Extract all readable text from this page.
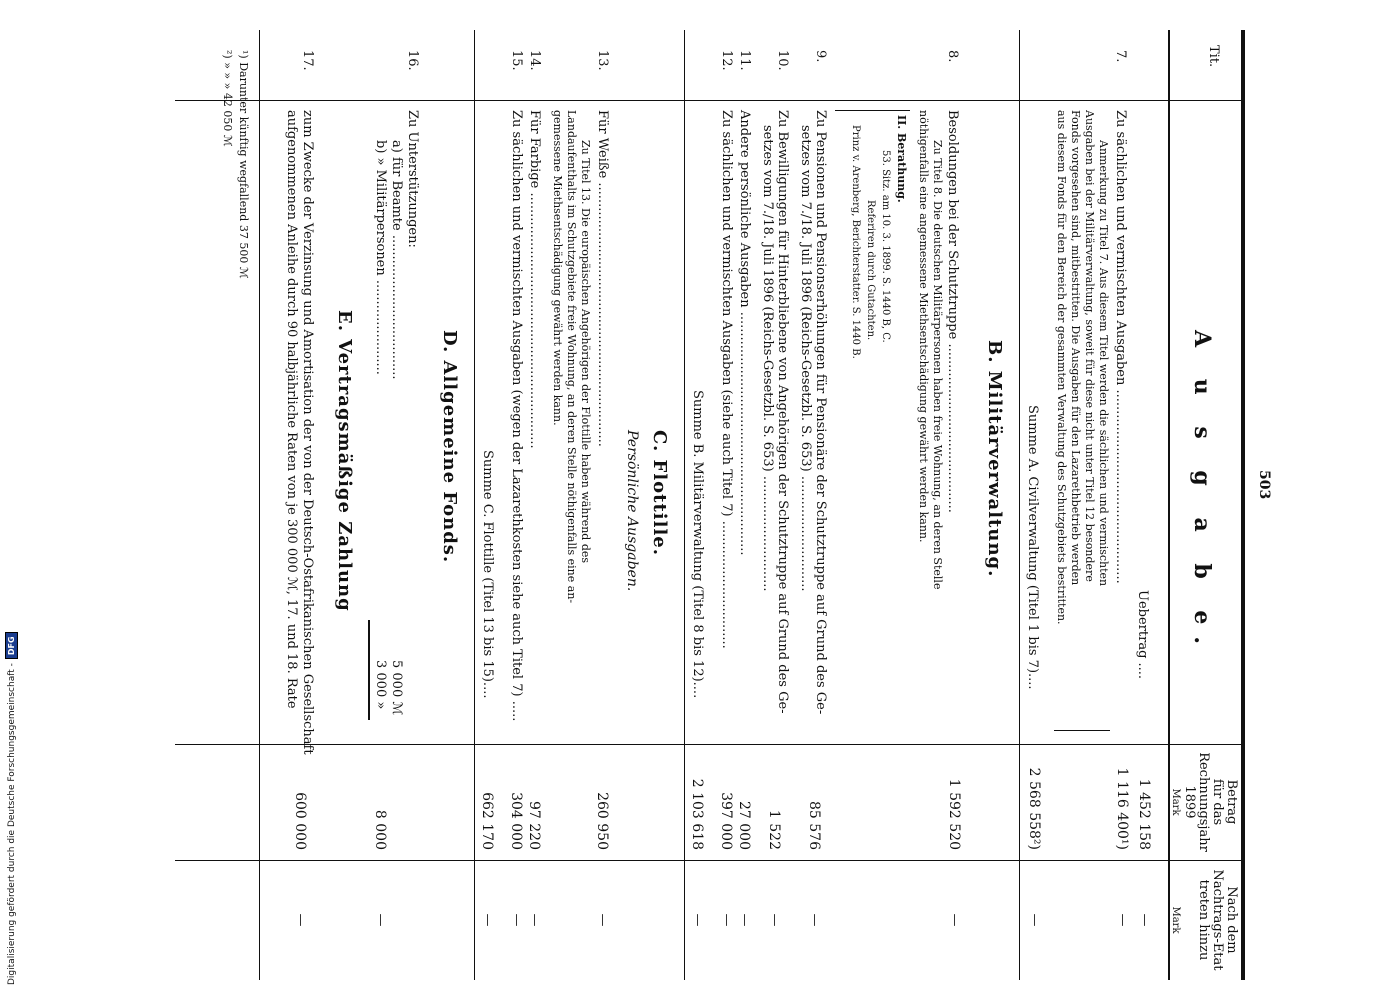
503
Tit.
A u s g a b e.
Betrag
für das
Rechnungsjahr
1899
Mark
Nach dem
Nachtrags-Etat
treten hinzu
Mark
Uebertrag ....
1 452 158
—
7.
Zu sächlichen und vermischten Ausgaben ...............................................
1 116 400¹)
—
Anmerkung zu Titel 7. Aus diesem Titel werden die sächlichen und vermischten
Ausgaben bei der Militärverwaltung, soweit für diese nicht unter Titel 12 besondere
Fonds vorgesehen sind, mitbestritten. Die Ausgaben für den Lazarethbetrieb werden
aus diesem Fonds für den Bereich der gesammten Verwaltung des Schutzgebiets bestritten.
Summe A. Civilverwaltung (Titel 1 bis 7)....
2 568 558²)
—
B. Militärverwaltung.
8.
Besoldungen bei der Schutztruppe .........................................
1 592 520
—
Zu Titel 8. Die deutschen Militärpersonen haben freie Wohnung, an deren Stelle
nöthigenfalls eine angemessene Miethsentschädigung gewährt werden kann.
II. Berathung.
53. Sitz. am 10. 3. 1899. S. 1440 B, C.
Referiren durch Gutachten.
Prinz v. Arenberg, Berichterstatter. S. 1440 B.
9.
Zu Pensionen und Pensionserhöhungen für Pensionäre der Schutztruppe auf Grund des Ge-
85 576
—
setzes vom 7./18. Juli 1896 (Reichs-Gesetzbl. S. 653) ............................
10.
Zu Bewilligungen für Hinterbliebene von Angehörigen der Schutztruppe auf Grund des Ge-
1 522
—
setzes vom 7./18. Juli 1896 (Reichs-Gesetzbl. S. 653) ............................
11.
Andere persönliche Ausgaben ...........................................................
27 000
—
12.
Zu sächlichen und vermischten Ausgaben (siehe auch Titel 7) ...............................
397 000
—
Summe B. Militärverwaltung (Titel 8 bis 12)....
2 103 618
—
C. Flottille.
Persönliche Ausgaben.
13.
Für Weiße ................................................................
260 950
—
Zu Titel 13. Die europäischen Angehörigen der Flottille haben während des
Landaufenthalts im Schutzgebiete freie Wohnung, an deren Stelle nöthigenfalls eine an-
gemessene Miethsentschädigung gewährt werden kann.
14.
Für Farbige ..............................................................
97 220
—
15.
Zu sächlichen und vermischten Ausgaben (wegen der Lazarethkosten siehe auch Titel 7) .....
304 000
—
Summe C. Flottille (Titel 13 bis 15)....
662 170
—
D. Allgemeine Fonds.
16.
Zu Unterstützungen:
a) für Beamte ...................................
5 000 ℳ
b) » Militärpersonen .......................
3 000 »
8 000
—
E. Vertragsmäßige Zahlung
17.
zum Zwecke der Verzinsung und Amortisation der von der Deutsch-Ostafrikanischen Gesellschaft
600 000
—
aufgenommenen Anleihe durch 90 halbjährliche Raten von je 300 000 ℳ, 17. und 18. Rate
¹) Darunter künftig wegfallend 37 500 ℳ
²) » » » 42 050 ℳ
Digitalisierung gefördert durch die Deutsche Forschungsgemeinschaft -
DFG
